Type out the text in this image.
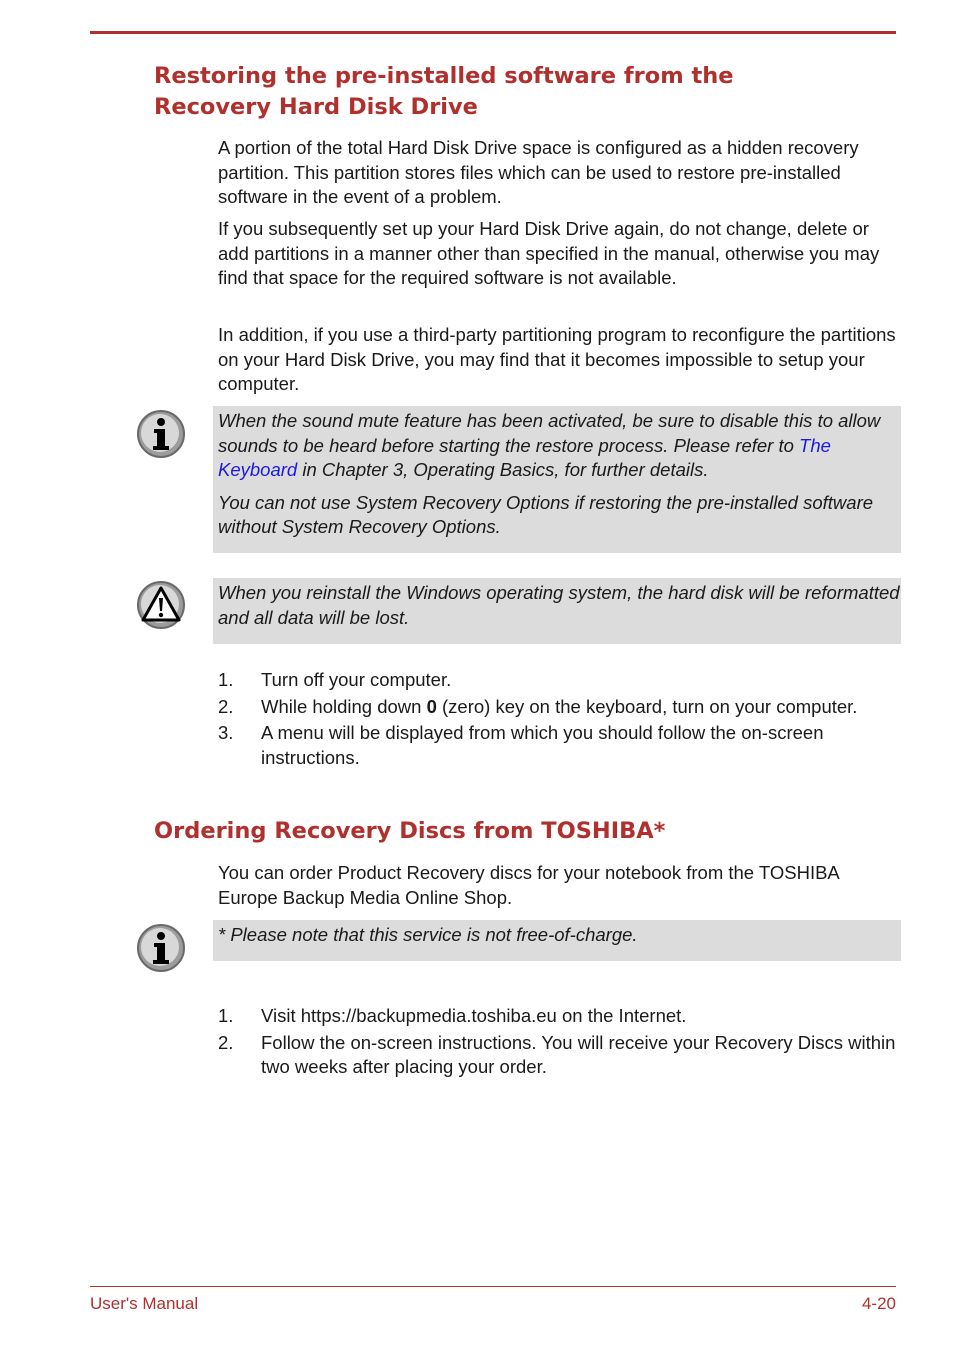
Restoring the pre-installed software from the
Recovery Hard Disk Drive

A portion of the total Hard Disk Drive space is configured as a hidden recovery partition. This partition stores files which can be used to restore pre-installed software in the event of a problem.

If you subsequently set up your Hard Disk Drive again, do not change, delete or add partitions in a manner other than specified in the manual, otherwise you may find that space for the required software is not available.

In addition, if you use a third-party partitioning program to reconfigure the partitions on your Hard Disk Drive, you may find that it becomes impossible to setup your computer.

When the sound mute feature has been activated, be sure to disable this to allow sounds to be heard before starting the restore process. Please refer to The Keyboard in Chapter 3, Operating Basics, for further details.

You can not use System Recovery Options if restoring the pre-installed software without System Recovery Options.

When you reinstall the Windows operating system, the hard disk will be reformatted and all data will be lost.

1. Turn off your computer.
2. While holding down 0 (zero) key on the keyboard, turn on your computer.
3. A menu will be displayed from which you should follow the on-screen instructions.
Ordering Recovery Discs from TOSHIBA*

You can order Product Recovery discs for your notebook from the TOSHIBA Europe Backup Media Online Shop.

* Please note that this service is not free-of-charge.

1. Visit https://backupmedia.toshiba.eu on the Internet.
2. Follow the on-screen instructions. You will receive your Recovery Discs within two weeks after placing your order.
User's Manual	4-20
